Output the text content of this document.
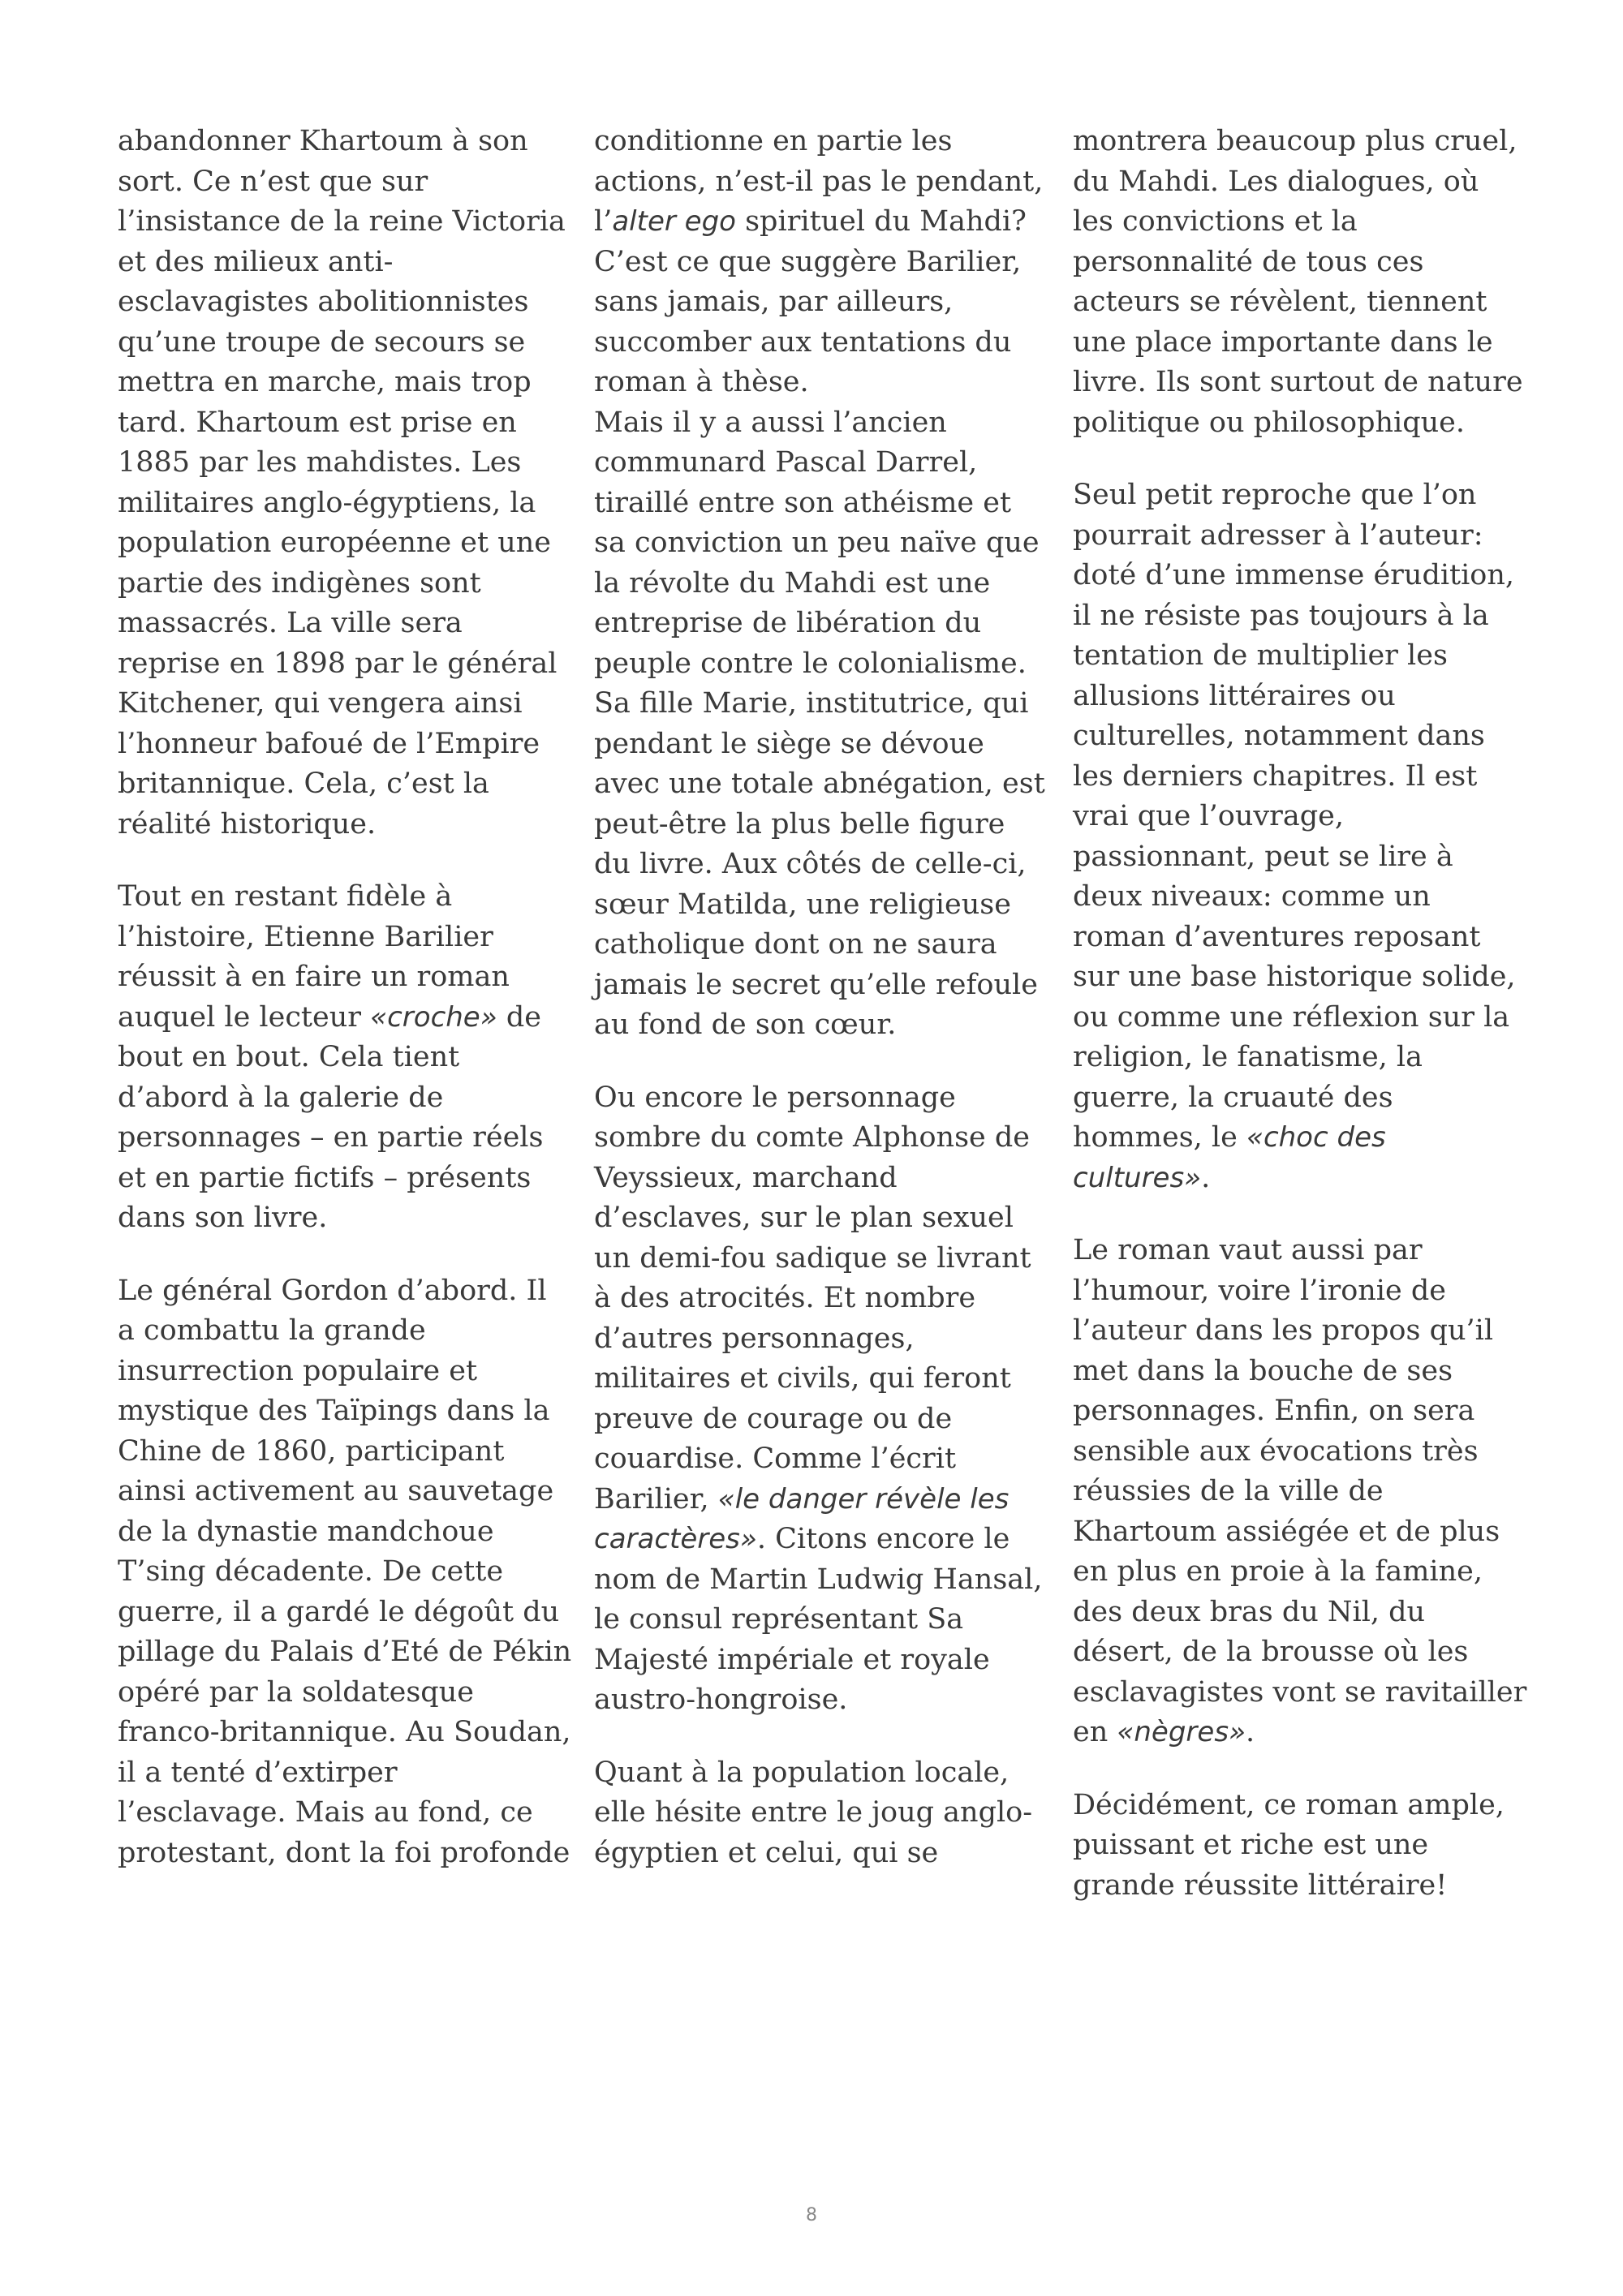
abandonner Khartoum à son sort. Ce n’est que sur l’insistance de la reine Victoria et des milieux anti-esclavagistes abolitionnistes qu’une troupe de secours se mettra en marche, mais trop tard. Khartoum est prise en 1885 par les mahdistes. Les militaires anglo-égyptiens, la population européenne et une partie des indigènes sont massacrés. La ville sera reprise en 1898 par le général Kitchener, qui vengera ainsi l’honneur bafoué de l’Empire britannique. Cela, c’est la réalité historique.

Tout en restant fidèle à l’histoire, Etienne Barilier réussit à en faire un roman auquel le lecteur «croche» de bout en bout. Cela tient d’abord à la galerie de personnages – en partie réels et en partie fictifs – présents dans son livre.

Le général Gordon d’abord. Il a combattu la grande insurrection populaire et mystique des Taïpings dans la Chine de 1860, participant ainsi activement au sauvetage de la dynastie mandchoue T’sing décadente. De cette guerre, il a gardé le dégoût du pillage du Palais d’Eté de Pékin opéré par la soldatesque franco-britannique. Au Soudan, il a tenté d’extirper l’esclavage. Mais au fond, ce protestant, dont la foi profonde

conditionne en partie les actions, n’est-il pas le pendant, l’alter ego spirituel du Mahdi? C’est ce que suggère Barilier, sans jamais, par ailleurs, succomber aux tentations du roman à thèse.

Mais il y a aussi l’ancien communard Pascal Darrel, tiraillé entre son athéisme et sa conviction un peu naïve que la révolte du Mahdi est une entreprise de libération du peuple contre le colonialisme. Sa fille Marie, institutrice, qui pendant le siège se dévoue avec une totale abnégation, est peut-être la plus belle figure du livre. Aux côtés de celle-ci, sœur Matilda, une religieuse catholique dont on ne saura jamais le secret qu’elle refoule au fond de son cœur.

Ou encore le personnage sombre du comte Alphonse de Veyssieux, marchand d’esclaves, sur le plan sexuel un demi-fou sadique se livrant à des atrocités. Et nombre d’autres personnages, militaires et civils, qui feront preuve de courage ou de couardise. Comme l’écrit Barilier, «le danger révèle les caractères». Citons encore le nom de Martin Ludwig Hansal, le consul représentant Sa Majesté impériale et royale austro-hongroise.

Quant à la population locale, elle hésite entre le joug anglo-égyptien et celui, qui se

montrera beaucoup plus cruel, du Mahdi. Les dialogues, où les convictions et la personnalité de tous ces acteurs se révèlent, tiennent une place importante dans le livre. Ils sont surtout de nature politique ou philosophique.

Seul petit reproche que l’on pourrait adresser à l’auteur: doté d’une immense érudition, il ne résiste pas toujours à la tentation de multiplier les allusions littéraires ou culturelles, notamment dans les derniers chapitres. Il est vrai que l’ouvrage, passionnant, peut se lire à deux niveaux: comme un roman d’aventures reposant sur une base historique solide, ou comme une réflexion sur la religion, le fanatisme, la guerre, la cruauté des hommes, le «choc des cultures».

Le roman vaut aussi par l’humour, voire l’ironie de l’auteur dans les propos qu’il met dans la bouche de ses personnages. Enfin, on sera sensible aux évocations très réussies de la ville de Khartoum assiégée et de plus en plus en proie à la famine, des deux bras du Nil, du désert, de la brousse où les esclavagistes vont se ravitailler en «nègres».

Décidément, ce roman ample, puissant et riche est une grande réussite littéraire!

8
